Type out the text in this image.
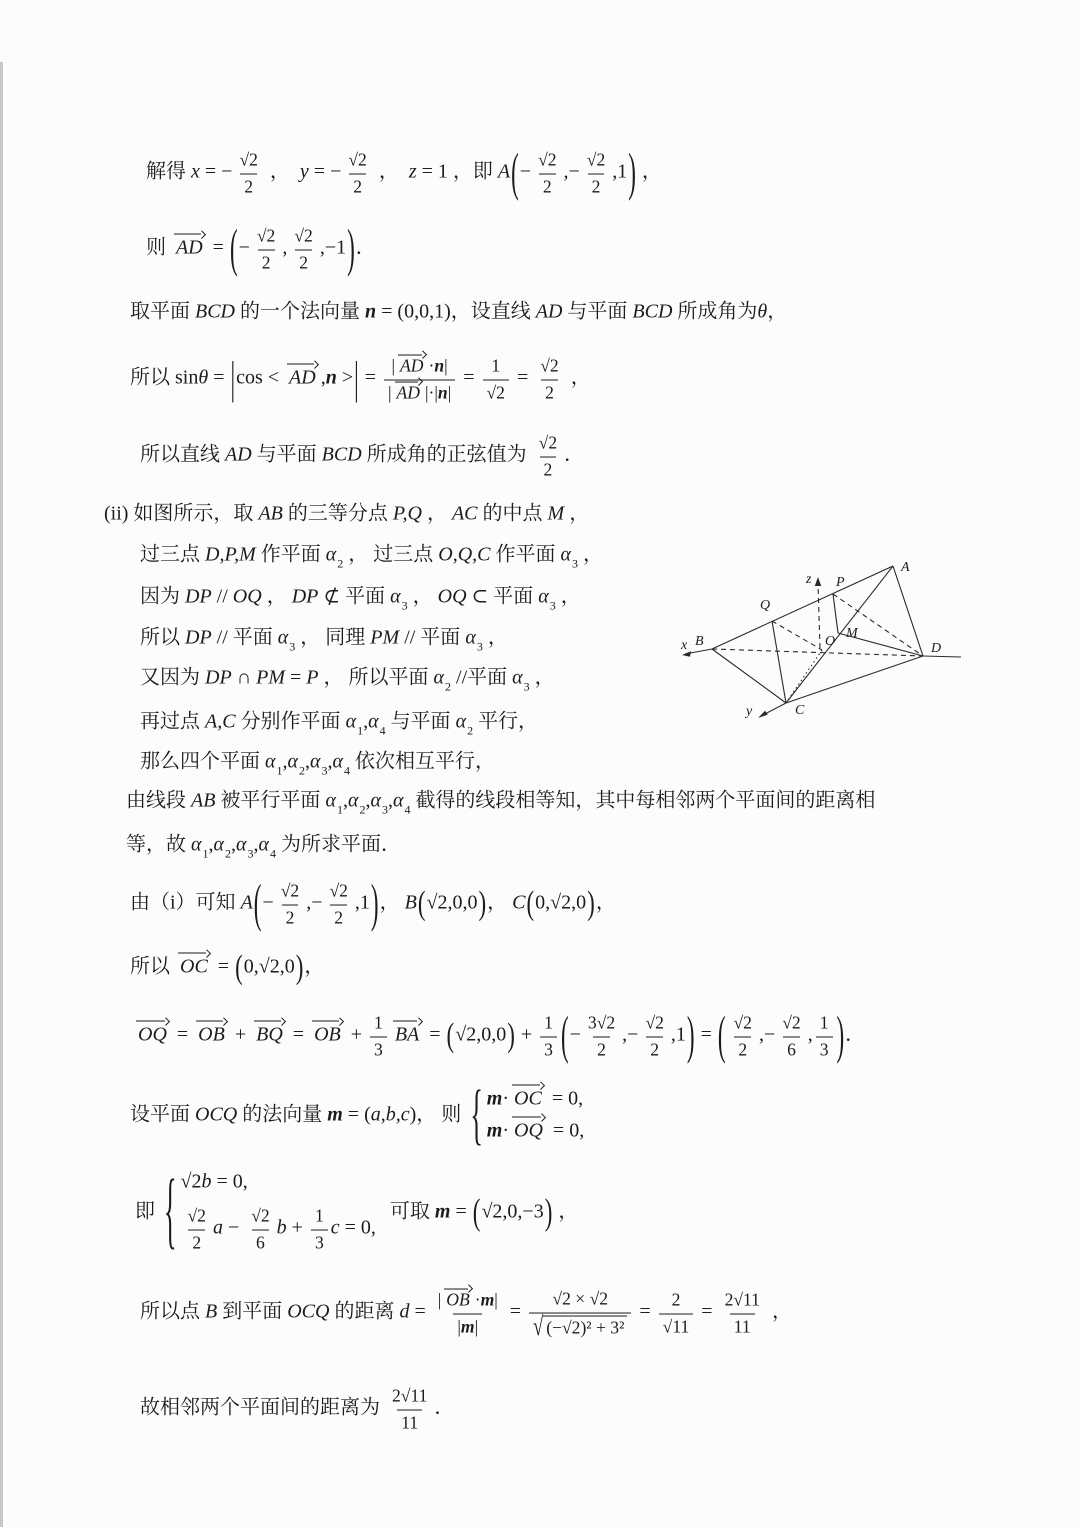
解得 x = − $\frac{√2}{2}$ ， y = − $\frac{√2}{2}$ ， z = 1 ，即 A ( − $\frac{√2}{2}$ ,− $\frac{√2}{2} ,1$ ) ，
则 AD = ( − $\frac{√2}{2}$ ,
√2
2
,−1 ) ．
取平面 BCD 的一个法向量 n = (0,0,1)，设直线 AD 与平面 BCD 所成角为 θ ，
所以 sin θ = | cos < AD , n > | = $\frac{| AD \cdot n |}{| AD | \cdot| n |} = \frac{1}{√2} = \frac{√2}{2}$ ，
所以直线 AD 与平面 BCD 所成角的正弦值为
√2
2
．
(ii) 如图所示，取 AB 的三等分点 P,Q ， AC 的中点 M ，
过三点 D,P,M 作平面 α 2 ， 过三点 O,Q,C 作平面 α 3 ，
因为 DP // OQ ， DP ⊄ 平面 α 3 ， OQ ⊂ 平面 α 3 ，
所以 DP // 平面 α 3 ， 同理 PM // 平面 α 3 ，
又因为 DP ∩ PM = P ， 所以平面 α 2 //平面 α 3 ，
再过点 A,C 分别作平面 α 1 , α 4 与平面 α 2 平行，
那么四个平面 α 1 , α 2 , α 3 , α 4 依次相互平行，
由线段 AB 被平行平面 α 1 , α 2 , α 3 , α 4 截得的线段相等知，其中每相邻两个平面间的距离相
等，故 α 1 , α 2 , α 3 , α 4 为所求平面．
由（i）可知 A ( − $\frac{√2}{2}$ ,− $\frac{√2}{2} ,1$ ) ， B ( √2,0,0 ) ， C ( 0,√2,0 ) ，
所以 OC = ( 0,√2,0 ) ，
OQ = OB + BQ = OB + $\frac{1}{3}$ BA = ( √2,0,0 ) + $\frac{1}{3}$ ( − $\frac{3√2}{2}$ ,− $\frac{√2}{2} ,1$ ) = ( √2
2
,− $\frac{√2}{6}$ ,
1
3 ) ．
设平面 OCQ 的法向量 m = ( a,b,c )， 则 { m · OC = 0,
m · OQ = 0,
即 { √2 b = 0,
√2
2
$a - \frac{√2}{6}$ $b + \frac{1}{3}$ c = 0,
可取 m = ( √2,0,−3 ) ，
所以点 B 到平面 OCQ 的距离 $d = \frac{| OB \cdot m |}{| m |} = \frac{√2 \times √2}{\text{√ (−√2)² + 3²}} = \frac{2}{√11} = \frac{2√11}{11}$ ，
故相邻两个平面间的距离为
2√11
11
．
A
P
Q
B
x	O
M
D
C
y
z
